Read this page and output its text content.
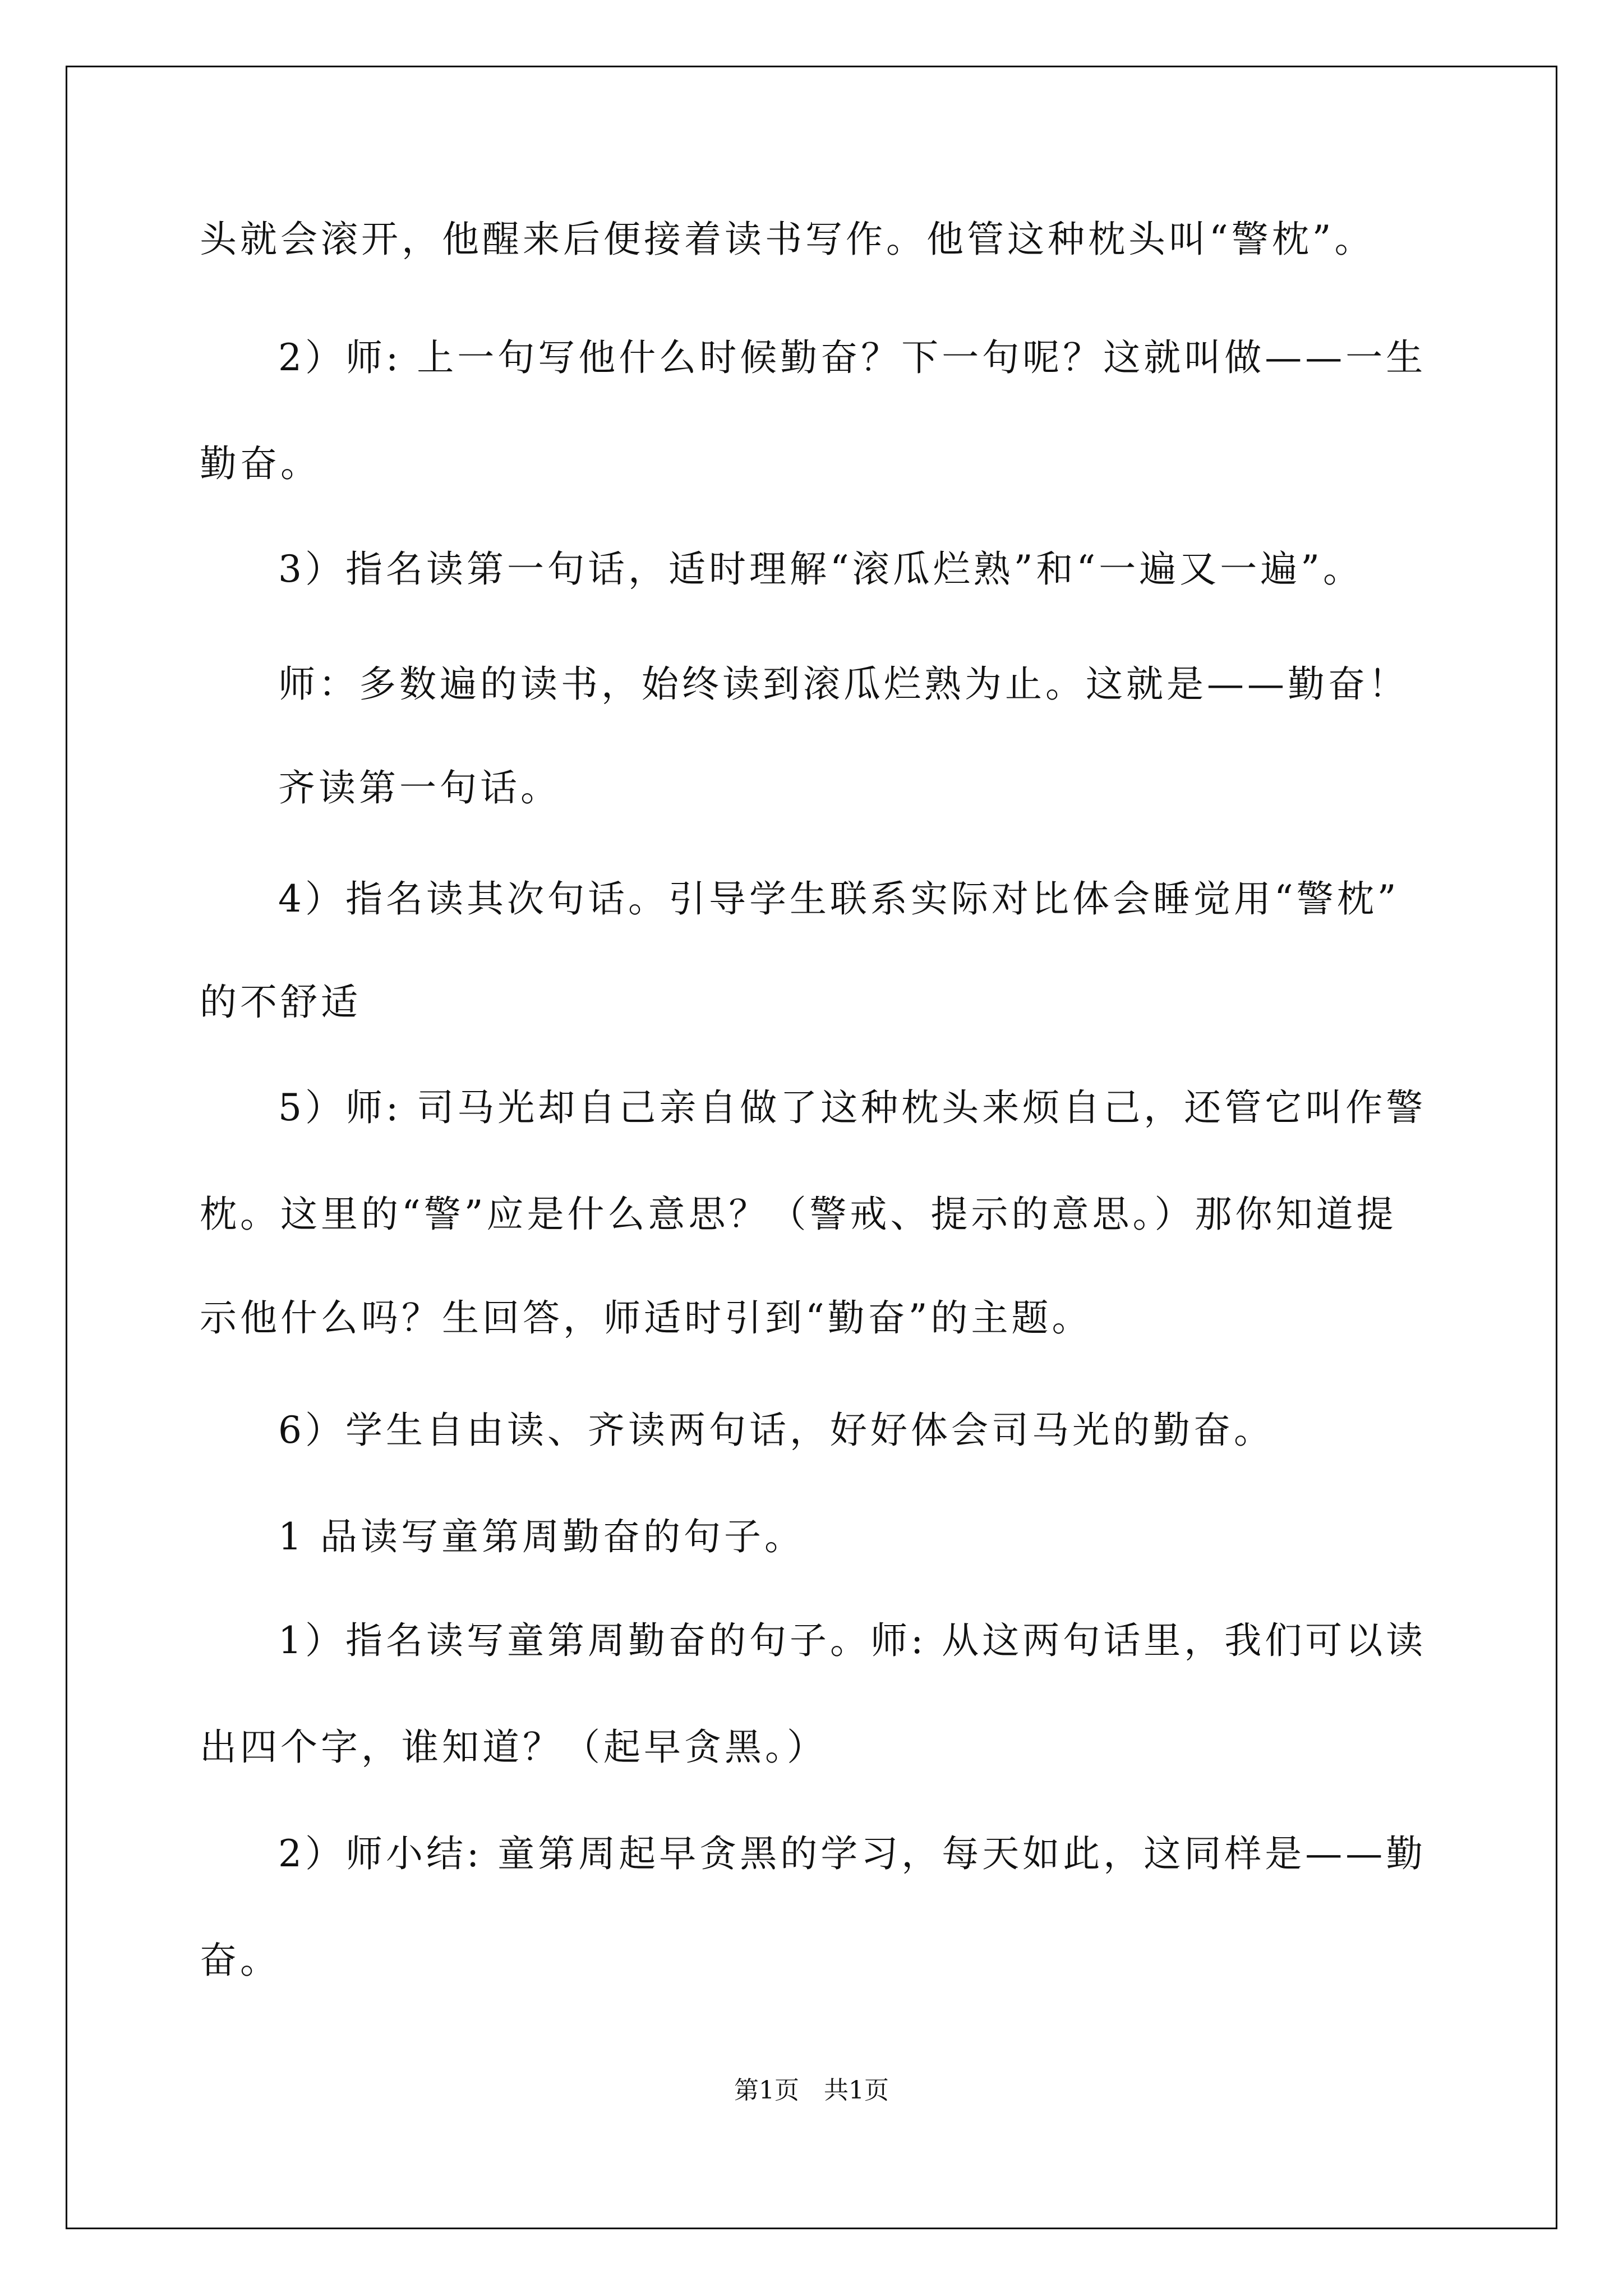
头就会滚开，他醒来后便接着读书写作。他管这种枕头叫“警枕”。
2）师: 上一句写他什么时候勤奋？下一句呢？这就叫做——一生
勤奋。
3）指名读第一句话，适时理解“滚瓜烂熟”和“一遍又一遍”。
师：多数遍的读书，始终读到滚瓜烂熟为止。这就是——勤奋！
齐读第一句话。
4）指名读其次句话。引导学生联系实际对比体会睡觉用“警枕”
的不舒适
5）师: 司马光却自己亲自做了这种枕头来烦自己，还管它叫作警
枕。这里的“警”应是什么意思？（警戒、提示的意思。）那你知道提
示他什么吗？生回答，师适时引到“勤奋”的主题。
6）学生自由读、齐读两句话，好好体会司马光的勤奋。
1 品读写童第周勤奋的句子。
1）指名读写童第周勤奋的句子。师: 从这两句话里，我们可以读
出四个字，谁知道？（起早贪黑。）
2）师小结: 童第周起早贪黑的学习，每天如此，这同样是——勤
奋。
第1页　共1页
